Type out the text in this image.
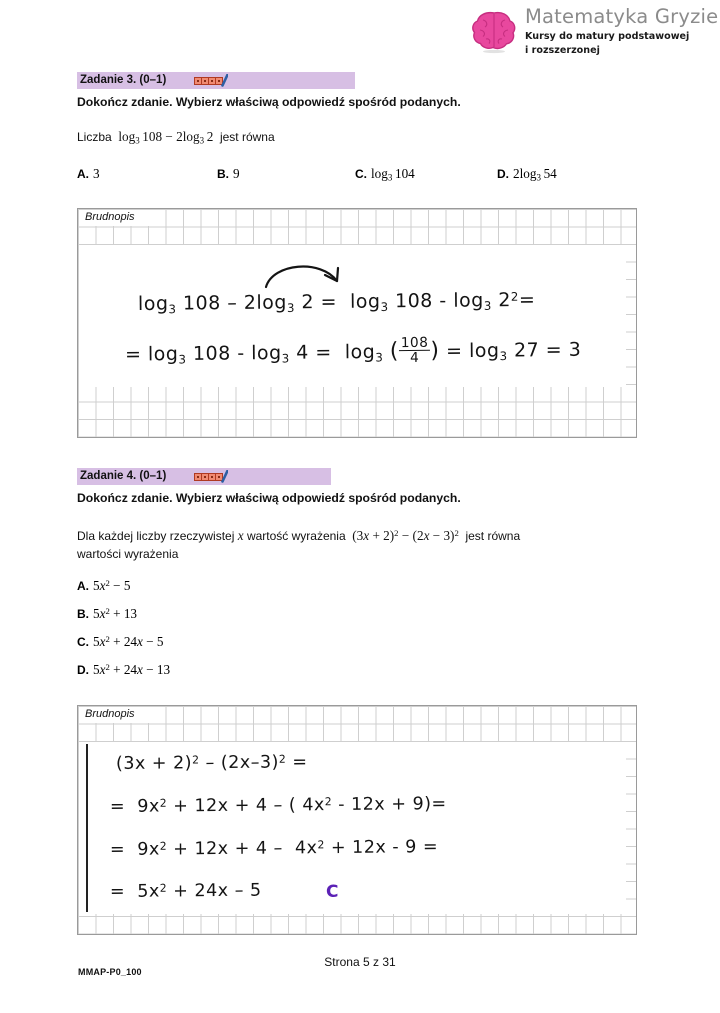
Matematyka Gryzie
Kursy do matury podstawowej
i rozszerzonej
Zadanie 3. (0–1)
Dokończ zdanie. Wybierz właściwą odpowiedź spośród podanych.
Liczba  $\log_3 108 - 2\log_3$ 2  jest równa
A. 3	B. 9	C. $\log_3 104$	D. $2\log_3$ 54
Brudnopis
$\log_3 108 - 2\log_3$ $2 = \log_3 108 - \log_3 2^2=$
= $\log_3 108 - \log_3 4 = \log_3$ ( $\frac{108}{4}$ ) = $\log_3 27 = 3$
Zadanie 4. (0–1)
Dokończ zdanie. Wybierz właściwą odpowiedź spośród podanych.
Dla każdej liczby rzeczywistej x wartość wyrażenia  $(3x + 2)^2 - (2x - 3)^2$ jest równa
wartości wyrażenia
A. $5x^2 - 5$
B. $5x^2 + 13$
C. $5x^2 + 24x - 5$
D. $5x^2 + 24x - 13$
Brudnopis
$(3x + 2)^2 - (2x-3)^2$ =
=  $9x^2 + 12x + 4$ – ( $4x^2 - 12x + 9)=$
=  $9x^2 + 12x + 4 - 4x^2 + 12x - 9$ =
=  $5x^2 + 24x - 5$	C
Strona 5 z 31
MMAP-P0_100
